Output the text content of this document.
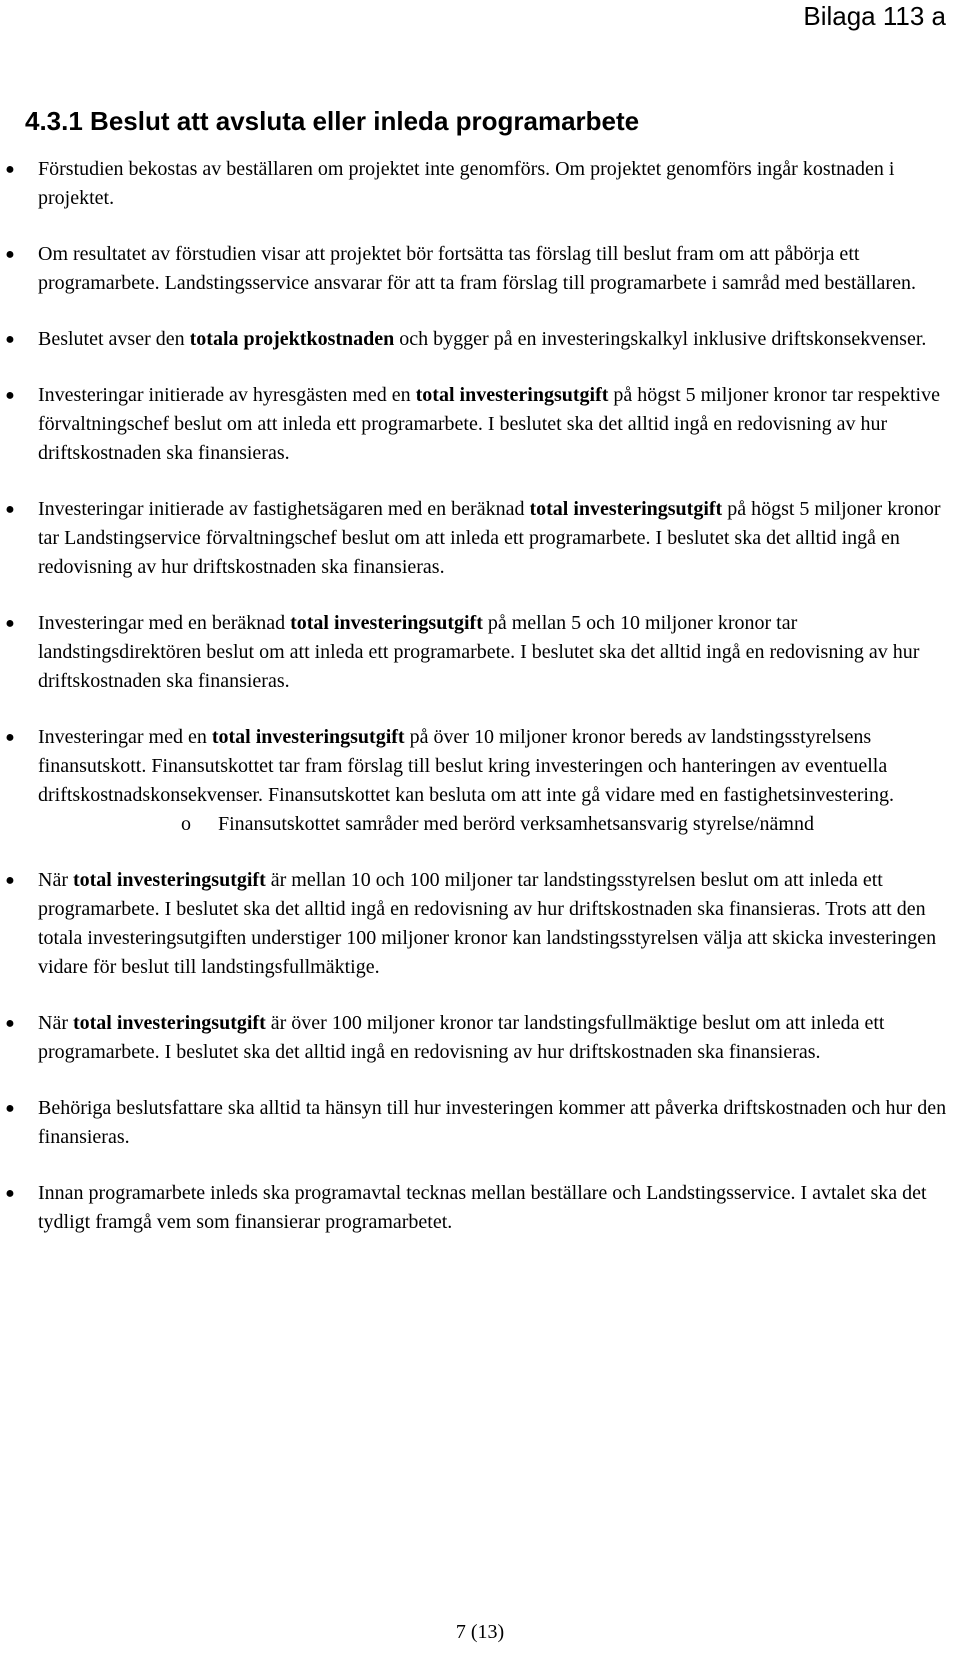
Bilaga 113 a
4.3.1 Beslut att avsluta eller inleda programarbete
● Förstudien bekostas av beställaren om projektet inte genomförs. Om projektet genomförs ingår kostnaden i projektet.
● Om resultatet av förstudien visar att projektet bör fortsätta tas förslag till beslut fram om att påbörja ett programarbete. Landstingsservice ansvarar för att ta fram förslag till programarbete i samråd med beställaren.
● Beslutet avser den totala projektkostnaden och bygger på en investeringskalkyl inklusive driftskonsekvenser.
● Investeringar initierade av hyresgästen med en total investeringsutgift på högst 5 miljoner kronor tar respektive förvaltningschef beslut om att inleda ett programarbete. I beslutet ska det alltid ingå en redovisning av hur driftskostnaden ska finansieras.
● Investeringar initierade av fastighetsägaren med en beräknad total investeringsutgift på högst 5 miljoner kronor tar Landstingservice förvaltningschef beslut om att inleda ett programarbete. I beslutet ska det alltid ingå en redovisning av hur driftskostnaden ska finansieras.
● Investeringar med en beräknad total investeringsutgift på mellan 5 och 10 miljoner kronor tar landstingsdirektören beslut om att inleda ett programarbete. I beslutet ska det alltid ingå en redovisning av hur driftskostnaden ska finansieras.
● Investeringar med en total investeringsutgift på över 10 miljoner kronor bereds av landstingsstyrelsens finansutskott. Finansutskottet tar fram förslag till beslut kring investeringen och hanteringen av eventuella driftskostnadskonsekvenser. Finansutskottet kan besluta om att inte gå vidare med en fastighetsinvestering.
o Finansutskottet samråder med berörd verksamhetsansvarig styrelse/nämnd
● När total investeringsutgift är mellan 10 och 100 miljoner tar landstingsstyrelsen beslut om att inleda ett programarbete. I beslutet ska det alltid ingå en redovisning av hur driftskostnaden ska finansieras. Trots att den totala investeringsutgiften understiger 100 miljoner kronor kan landstingsstyrelsen välja att skicka investeringen vidare för beslut till landstingsfullmäktige.
● När total investeringsutgift är över 100 miljoner kronor tar landstingsfullmäktige beslut om att inleda ett programarbete. I beslutet ska det alltid ingå en redovisning av hur driftskostnaden ska finansieras.
● Behöriga beslutsfattare ska alltid ta hänsyn till hur investeringen kommer att påverka driftskostnaden och hur den finansieras.
● Innan programarbete inleds ska programavtal tecknas mellan beställare och Landstingsservice. I avtalet ska det tydligt framgå vem som finansierar programarbetet.
7 (13)
